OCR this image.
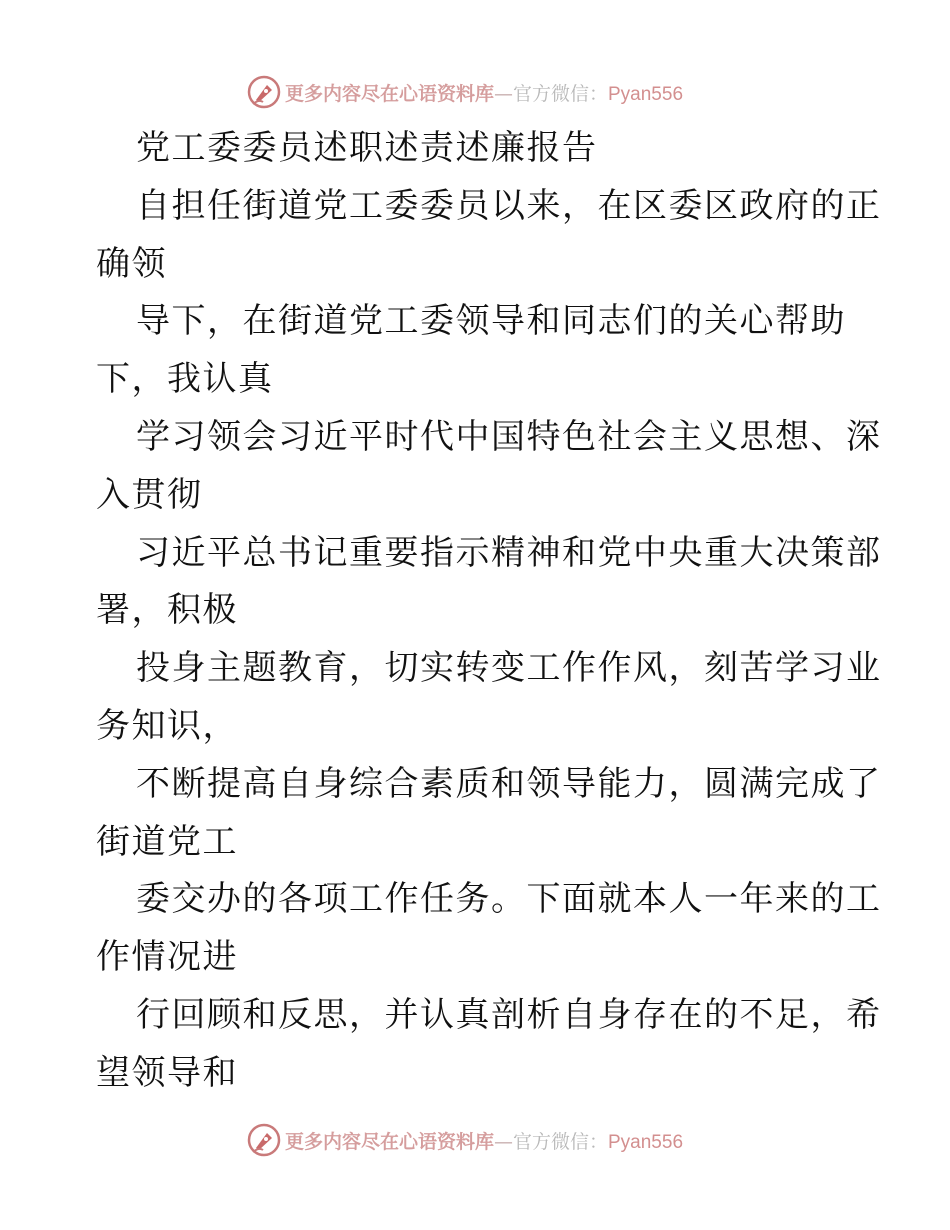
更多内容尽在心语资料库—官方微信：Pyan556
党工委委员述职述责述廉报告
自担任街道党工委委员以来，在区委区政府的正
确领
导下，在街道党工委领导和同志们的关心帮助
下，我认真
学习领会习近平时代中国特色社会主义思想、深
入贯彻
习近平总书记重要指示精神和党中央重大决策部
署，积极
投身主题教育，切实转变工作作风，刻苦学习业
务知识，
不断提高自身综合素质和领导能力，圆满完成了
街道党工
委交办的各项工作任务。下面就本人一年来的工
作情况进
行回顾和反思，并认真剖析自身存在的不足，希
望领导和
更多内容尽在心语资料库—官方微信：Pyan556
